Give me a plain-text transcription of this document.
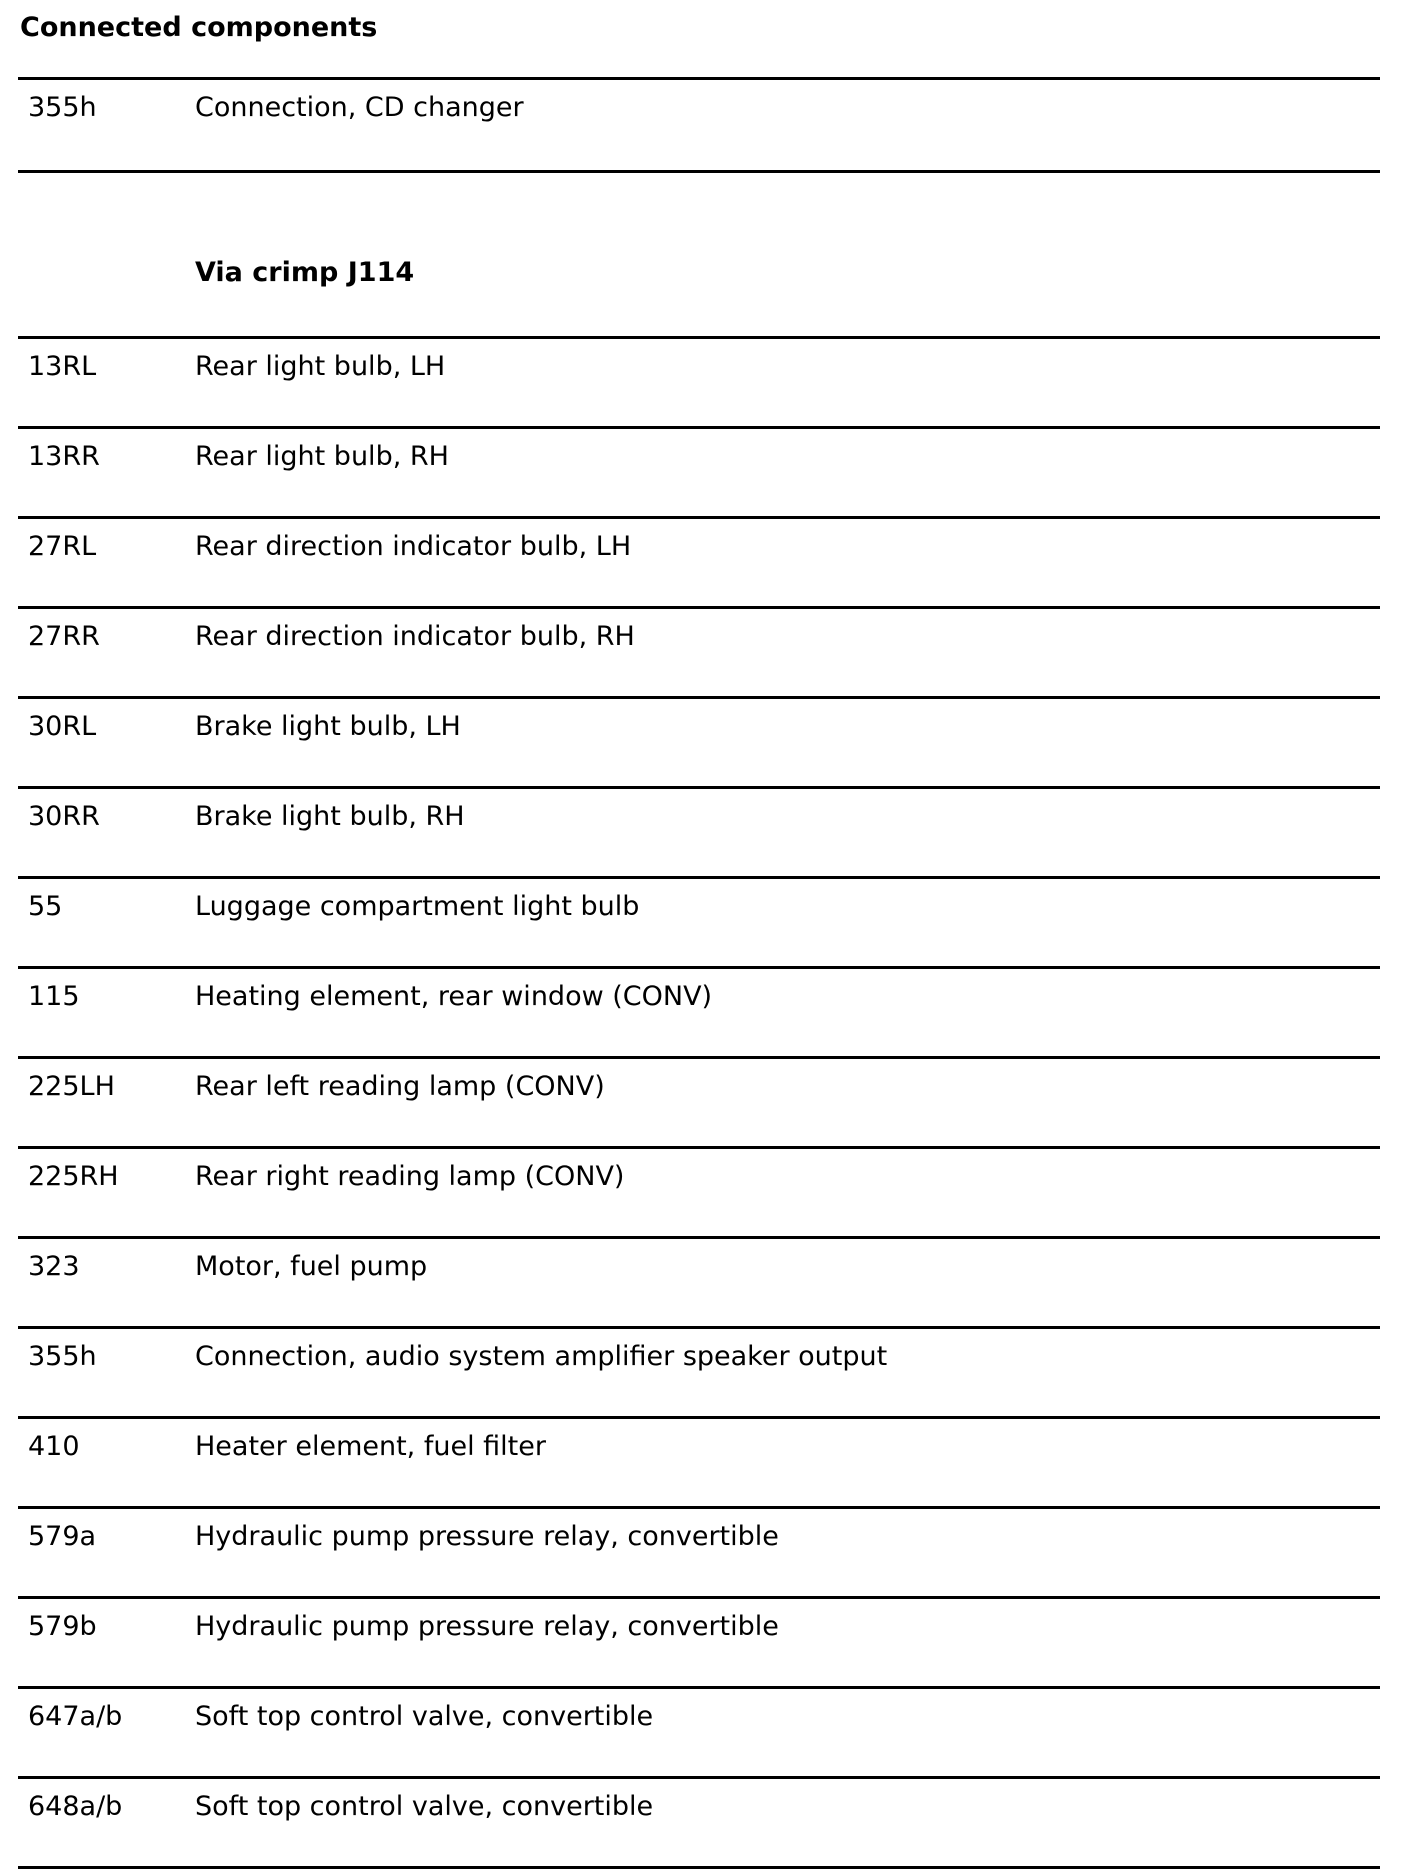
Connected components
355h	Connection, CD changer
Via crimp J114
13RL	Rear light bulb, LH
13RR	Rear light bulb, RH
27RL	Rear direction indicator bulb, LH
27RR	Rear direction indicator bulb, RH
30RL	Brake light bulb, LH
30RR	Brake light bulb, RH
55	Luggage compartment light bulb
115	Heating element, rear window (CONV)
225LH	Rear left reading lamp (CONV)
225RH	Rear right reading lamp (CONV)
323	Motor, fuel pump
355h	Connection, audio system amplifier speaker output
410	Heater element, fuel filter
579a	Hydraulic pump pressure relay, convertible
579b	Hydraulic pump pressure relay, convertible
647a/b	Soft top control valve, convertible
648a/b	Soft top control valve, convertible
